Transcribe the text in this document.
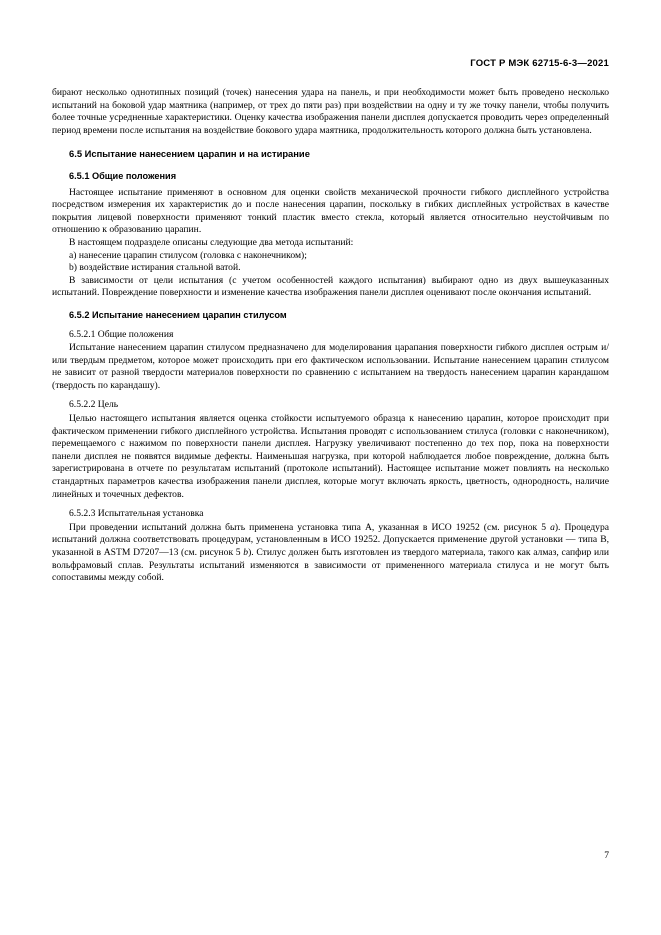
ГОСТ Р МЭК 62715-6-3—2021

бирают несколько однотипных позиций (точек) нанесения удара на панель, и при необходимости может быть проведено несколько испытаний на боковой удар маятника (например, от трех до пяти раз) при воздействии на одну и ту же точку панели, чтобы получить более точные усредненные характеристики. Оценку качества изображения панели дисплея допускается проводить через определенный период времени после испытания на воздействие бокового удара маятника, продолжительность которого должна быть установлена.

6.5 Испытание нанесением царапин и на истирание
6.5.1 Общие положения

Настоящее испытание применяют в основном для оценки свойств механической прочности гибкого дисплейного устройства посредством измерения их характеристик до и после нанесения царапин, поскольку в гибких дисплейных устройствах в качестве покрытия лицевой поверхности применяют тонкий пластик вместо стекла, который является относительно неустойчивым по отношению к образованию царапин.

В настоящем подразделе описаны следующие два метода испытаний:

a) нанесение царапин стилусом (головка с наконечником);

b) воздействие истирания стальной ватой.

В зависимости от цели испытания (с учетом особенностей каждого испытания) выбирают одно из двух вышеуказанных испытаний. Повреждение поверхности и изменение качества изображения панели дисплея оценивают после окончания испытаний.

6.5.2 Испытание нанесением царапин стилусом
6.5.2.1 Общие положения

Испытание нанесением царапин стилусом предназначено для моделирования царапания поверхности гибкого дисплея острым и/или твердым предметом, которое может происходить при его фактическом использовании. Испытание нанесением царапин стилусом не зависит от разной твердости материалов поверхности по сравнению с испытанием на твердость нанесением царапин карандашом (твердость по карандашу).

6.5.2.2 Цель

Целью настоящего испытания является оценка стойкости испытуемого образца к нанесению царапин, которое происходит при фактическом применении гибкого дисплейного устройства. Испытания проводят с использованием стилуса (головки с наконечником), перемещаемого с нажимом по поверхности панели дисплея. Нагрузку увеличивают постепенно до тех пор, пока на поверхности панели дисплея не появятся видимые дефекты. Наименьшая нагрузка, при которой наблюдается любое повреждение, должна быть зарегистрирована в отчете по результатам испытаний (протоколе испытаний). Настоящее испытание может повлиять на несколько стандартных параметров качества изображения панели дисплея, которые могут включать яркость, цветность, однородность, наличие линейных и точечных дефектов.

6.5.2.3 Испытательная установка

При проведении испытаний должна быть применена установка типа А, указанная в ИСО 19252 (см. рисунок 5 а). Процедура испытаний должна соответствовать процедурам, установленным в ИСО 19252. Допускается применение другой установки — типа В, указанной в ASTM D7207—13 (см. рисунок 5 b). Стилус должен быть изготовлен из твердого материала, такого как алмаз, сапфир или вольфрамовый сплав. Результаты испытаний изменяются в зависимости от примененного материала стилуса и не могут быть сопоставимы между собой.

7
